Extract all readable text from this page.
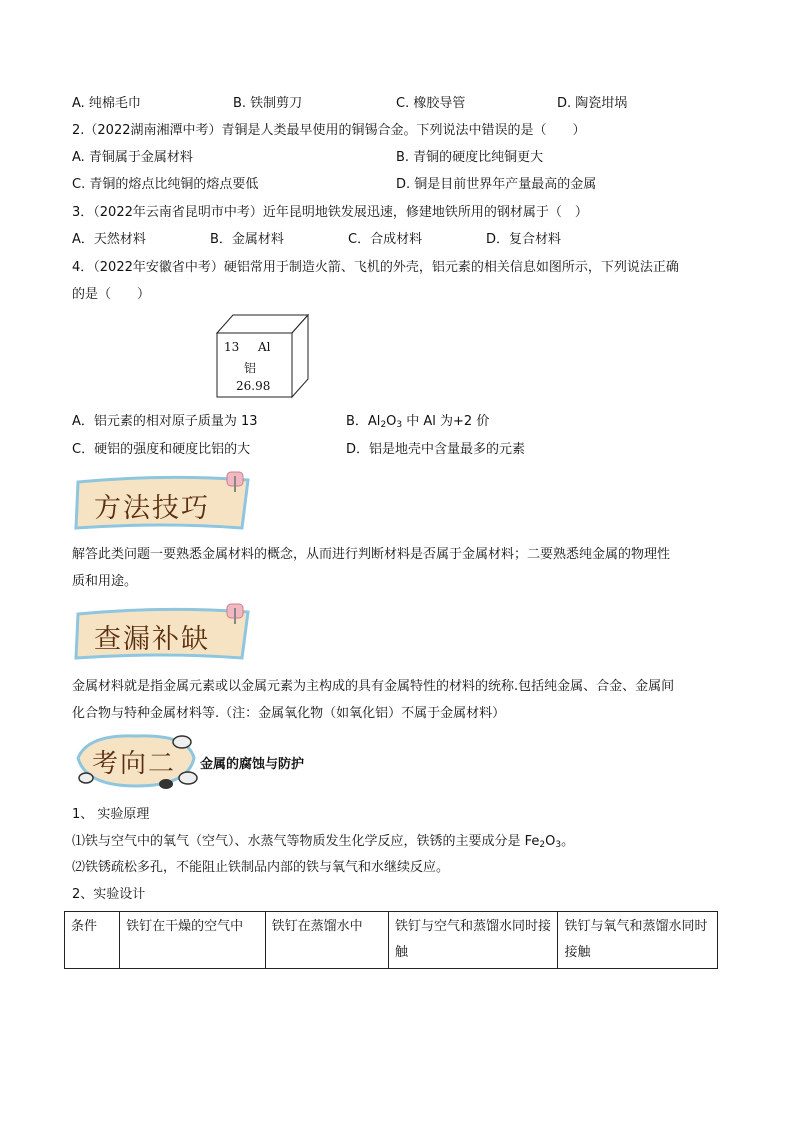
A. 纯棉毛巾	B. 铁制剪刀	C. 橡胶导管	D. 陶瓷坩埚
2.（2022湖南湘潭中考）青铜是人类最早使用的铜锡合金。下列说法中错误的是（　　）
A. 青铜属于金属材料	B. 青铜的硬度比纯铜更大
C. 青铜的熔点比纯铜的熔点要低	D. 铜是目前世界年产量最高的金属
3．（2022年云南省昆明市中考）近年昆明地铁发展迅速，修建地铁所用的钢材属于（　）
A．天然材料	B．金属材料	C．合成材料	D．复合材料
4．（2022年安徽省中考）硬铝常用于制造火箭、飞机的外壳，铝元素的相关信息如图所示，下列说法正确
的是（　　）
13 Al
铝
26.98
A．铝元素的相对原子质量为 13	B．$Al_2O_3$ 中 Al 为+2 价
C．硬铝的强度和硬度比铝的大	D．铝是地壳中含量最多的元素
方法技巧
解答此类问题一要熟悉金属材料的概念，从而进行判断材料是否属于金属材料；二要熟悉纯金属的物理性
质和用途。
查漏补缺
金属材料就是指金属元素或以金属元素为主构成的具有金属特性的材料的统称.包括纯金属、合金、金属间
化合物与特种金属材料等.（注：金属氧化物（如氧化铝）不属于金属材料）
考向二 金属的腐蚀与防护
1、 实验原理
⑴铁与空气中的氧气（空气）、水蒸气等物质发生化学反应，铁锈的主要成分是 $Fe_2O_3$。
⑵铁锈疏松多孔，不能阻止铁制品内部的铁与氧气和水继续反应。
2、实验设计
条件	铁钉在干燥的空气中	铁钉在蒸馏水中	铁钉与空气和蒸馏水同时接触	铁钉与氧气和蒸馏水同时接触
